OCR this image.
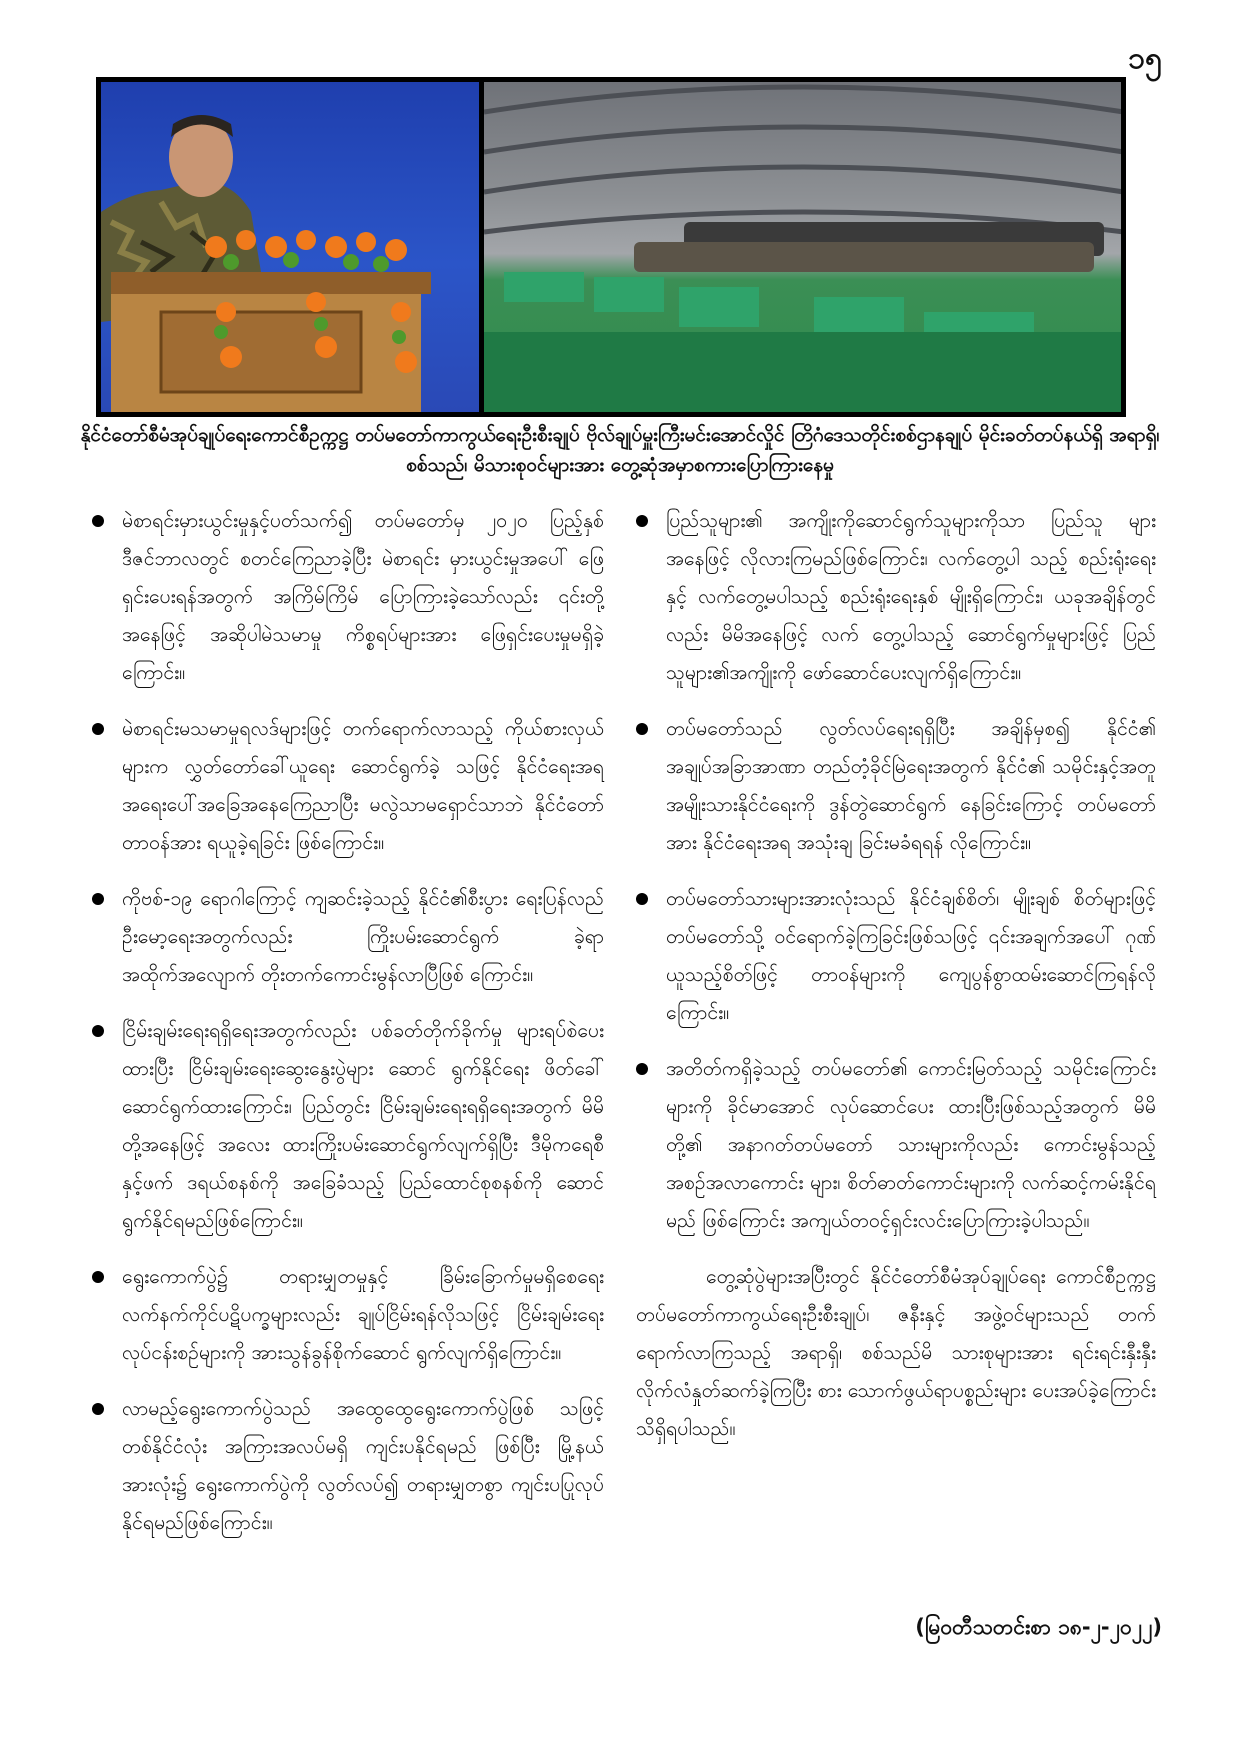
၁၅
နိုင်ငံတော်စီမံအုပ်ချုပ်ရေးကောင်စီဥက္ကဋ္ဌ တပ်မတော်ကာကွယ်ရေးဦးစီးချုပ် ဗိုလ်ချုပ်မှူးကြီးမင်းအောင်လှိုင် တြိဂံဒေသတိုင်းစစ်ဌာနချုပ် မိုင်းခတ်တပ်နယ်ရှိ အရာရှိ၊ စစ်သည်၊ မိသားစုဝင်များအား တွေ့ဆုံအမှာစကားပြောကြားနေမှု

မဲစာရင်းမှားယွင်းမှုနှင့်ပတ်သက်၍ တပ်မတော်မှ ၂၀၂၀ ပြည့်နှစ် ဒီဇင်ဘာလတွင် စတင်ကြေညာခဲ့ပြီး မဲစာရင်း မှားယွင်းမှုအပေါ် ဖြေရှင်းပေးရန်အတွက် အကြိမ်ကြိမ် ပြောကြားခဲ့သော်လည်း ၎င်းတို့အနေဖြင့် အဆိုပါမဲသမာမှု ကိစ္စရပ်များအား ဖြေရှင်းပေးမှုမရှိခဲ့ကြောင်း။

မဲစာရင်းမသမာမှုရလဒ်များဖြင့် တက်ရောက်လာသည့် ကိုယ်စားလှယ်များက လွှတ်တော်ခေါ်ယူရေး ဆောင်ရွက်ခဲ့ သဖြင့် နိုင်ငံရေးအရ အရေးပေါ်အခြေအနေကြေညာပြီး မလွဲသာမရှောင်သာဘဲ နိုင်ငံတော်တာဝန်အား ရယူခဲ့ရခြင်း ဖြစ်ကြောင်း။

ကိုဗစ်-၁၉ ရောဂါကြောင့် ကျဆင်းခဲ့သည့် နိုင်ငံ၏စီးပွား ရေးပြန်လည်ဦးမော့ရေးအတွက်လည်း ကြိုးပမ်းဆောင်ရွက် ခဲ့ရာ အထိုက်အလျောက် တိုးတက်ကောင်းမွန်လာပြီဖြစ် ကြောင်း။

ငြိမ်းချမ်းရေးရရှိရေးအတွက်လည်း ပစ်ခတ်တိုက်ခိုက်မှု များရပ်စဲပေးထားပြီး ငြိမ်းချမ်းရေးဆွေးနွေးပွဲများ ဆောင် ရွက်နိုင်ရေး ဖိတ်ခေါ်ဆောင်ရွက်ထားကြောင်း၊ ပြည်တွင်း ငြိမ်းချမ်းရေးရရှိရေးအတွက် မိမိတို့အနေဖြင့် အလေး ထားကြိုးပမ်းဆောင်ရွက်လျက်ရှိပြီး ဒီမိုကရေစီနှင့်ဖက် ဒရယ်စနစ်ကို အခြေခံသည့် ပြည်ထောင်စုစနစ်ကို ဆောင် ရွက်နိုင်ရမည်ဖြစ်ကြောင်း။

ရွေးကောက်ပွဲ၌ တရားမျှတမှုနှင့် ခြိမ်းခြောက်မှုမရှိစေရေး လက်နက်ကိုင်ပဋိပက္ခများလည်း ချုပ်ငြိမ်းရန်လိုသဖြင့် ငြိမ်းချမ်းရေးလုပ်ငန်းစဉ်များကို အားသွန်ခွန်စိုက်ဆောင် ရွက်လျက်ရှိကြောင်း။

လာမည့်ရွေးကောက်ပွဲသည် အထွေထွေရွေးကောက်ပွဲဖြစ် သဖြင့် တစ်နိုင်ငံလုံး အကြားအလပ်မရှိ ကျင်းပနိုင်ရမည် ဖြစ်ပြီး မြို့နယ်အားလုံး၌ ရွေးကောက်ပွဲကို လွတ်လပ်၍ တရားမျှတစွာ ကျင်းပပြုလုပ်နိုင်ရမည်ဖြစ်ကြောင်း။

ပြည်သူများ၏ အကျိုးကိုဆောင်ရွက်သူများကိုသာ ပြည်သူ များအနေဖြင့် လိုလားကြမည်ဖြစ်ကြောင်း၊ လက်တွေ့ပါ သည့် စည်းရုံးရေးနှင့် လက်တွေ့မပါသည့် စည်းရုံးရေးနှစ် မျိုးရှိကြောင်း၊ ယခုအချိန်တွင်လည်း မိမိအနေဖြင့် လက် တွေ့ပါသည့် ဆောင်ရွက်မှုများဖြင့် ပြည်သူများ၏အကျိုးကို ဖော်ဆောင်ပေးလျက်ရှိကြောင်း။

တပ်မတော်သည် လွတ်လပ်ရေးရရှိပြီး အချိန်မှစ၍ နိုင်ငံ၏ အချုပ်အခြာအာဏာ တည်တံ့ခိုင်မြဲရေးအတွက် နိုင်ငံ၏ သမိုင်းနှင့်အတူ အမျိုးသားနိုင်ငံရေးကို ဒွန်တွဲဆောင်ရွက် နေခြင်းကြောင့် တပ်မတော်အား နိုင်ငံရေးအရ အသုံးချ ခြင်းမခံရရန် လိုကြောင်း။

တပ်မတော်သားများအားလုံးသည် နိုင်ငံချစ်စိတ်၊ မျိုးချစ် စိတ်များဖြင့် တပ်မတော်သို့ ဝင်ရောက်ခဲ့ကြခြင်းဖြစ်သဖြင့် ၎င်းအချက်အပေါ် ဂုဏ်ယူသည့်စိတ်ဖြင့် တာဝန်များကို ကျေပွန်စွာထမ်းဆောင်ကြရန်လိုကြောင်း။

အတိတ်ကရှိခဲ့သည့် တပ်မတော်၏ ကောင်းမြတ်သည့် သမိုင်းကြောင်းများကို ခိုင်မာအောင် လုပ်ဆောင်ပေး ထားပြီးဖြစ်သည့်အတွက် မိမိတို့၏ အနာဂတ်တပ်မတော် သားများကိုလည်း ကောင်းမွန်သည့် အစဉ်အလာကောင်း များ၊ စိတ်ဓာတ်ကောင်းများကို လက်ဆင့်ကမ်းနိုင်ရမည် ဖြစ်ကြောင်း အကျယ်တဝင့်ရှင်းလင်းပြောကြားခဲ့ပါသည်။

တွေ့ဆုံပွဲများအပြီးတွင် နိုင်ငံတော်စီမံအုပ်ချုပ်ရေး ကောင်စီဥက္ကဋ္ဌ တပ်မတော်ကာကွယ်ရေးဦးစီးချုပ်၊ ဇနီးနှင့် အဖွဲ့ဝင်များသည် တက်ရောက်လာကြသည့် အရာရှိ၊ စစ်သည်မိ သားစုများအား ရင်းရင်းနှီးနှီးလိုက်လံနှုတ်ဆက်ခဲ့ကြပြီး စား သောက်ဖွယ်ရာပစ္စည်းများ ပေးအပ်ခဲ့ကြောင်း သိရှိရပါသည်။

(မြဝတီသတင်းစာ ၁၈-၂-၂၀၂၂)
